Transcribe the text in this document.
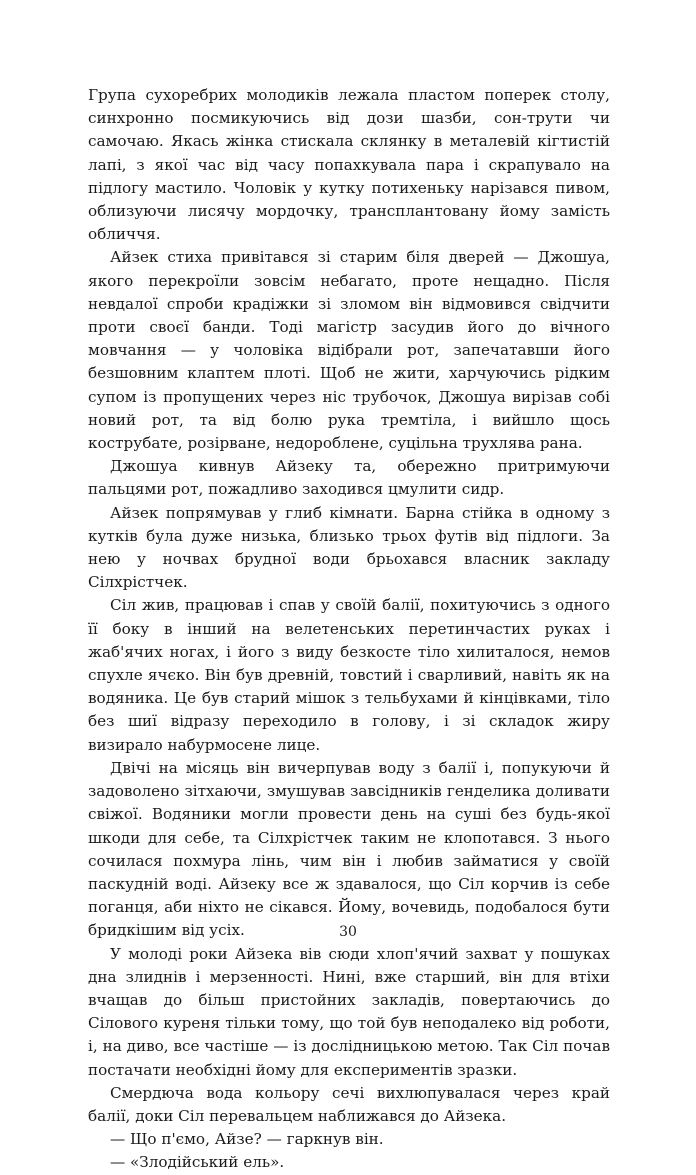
Група сухоребрих молодиків лежала пластом поперек столу, синхронно посмикуючись від дози шазби, сон-трути чи самочаю. Якась жінка стискала склянку в металевій кігтистій лапі, з якої час від часу попахкувала пара і скрапувало на підлогу мастило. Чоловік у кутку потихеньку нарізався пивом, облизуючи лисячу мордочку, трансплантовану йому замість обличчя.

Айзек стиха привітався зі старим біля дверей — Джошуа, якого перекроїли зовсім небагато, проте нещадно. Після невдалої спроби крадіжки зі зломом він відмовився свідчити проти своєї банди. Тоді магістр засудив його до вічного мовчання — у чоловіка відібрали рот, запечатавши його безшовним клаптем плоті. Щоб не жити, харчуючись рідким супом із пропущених через ніс трубочок, Джошуа вирізав собі новий рот, та від болю рука тремтіла, і вийшло щось кострубате, розірване, недороблене, суцільна трухлява рана.

Джошуа кивнув Айзеку та, обережно притримуючи пальцями рот, пожадливо заходився цмулити сидр.

Айзек попрямував у глиб кімнати. Барна стійка в одному з кутків була дуже низька, близько трьох футів від підлоги. За нею у ночвах брудної води брьохався власник закладу Сілхрістчек.

Сіл жив, працював і спав у своїй балії, похитуючись з одного її боку в інший на велетенських перетинчастих руках і жаб'ячих ногах, і його з виду безкосте тіло хилиталося, немов спухле ячєко. Він був древній, товстий і сварливий, навіть як на водяника. Це був старий мішок з тельбухами й кінцівками, тіло без шиї відразу переходило в голову, і зі складок жиру визирало набурмосене лице.

Двічі на місяць він вичерпував воду з балії і, попукуючи й задоволено зітхаючи, змушував завсідників генделика доливати свіжої. Водяники могли провести день на суші без будь-якої шкоди для себе, та Сілхрістчек таким не клопотався. З нього сочилася похмура лінь, чим він і любив займатися у своїй паскудній воді. Айзеку все ж здавалося, що Сіл корчив із себе поганця, аби ніхто не сікався. Йому, вочевидь, подобалося бути бридкішим від усіх.

У молоді роки Айзека вів сюди хлоп'ячий захват у пошуках дна злиднів і мерзенності. Нині, вже старший, він для втіхи вчащав до більш пристойних закладів, повертаючись до Сілового куреня тільки тому, що той був неподалеко від роботи, і, на диво, все частіше — із дослідницькою метою. Так Сіл почав постачати необхідні йому для експериментів зразки.

Смердюча вода кольору сечі вихлюпувалася через край балії, доки Сіл перевальцем наближався до Айзека.

— Що п'ємо, Айзе? — гаркнув він.

— «Злодійський ель».

30
